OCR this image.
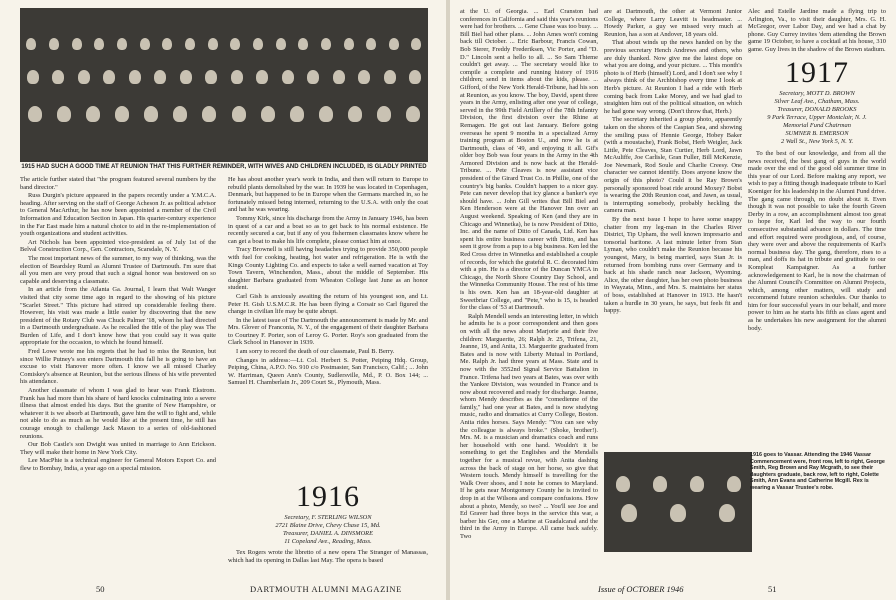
1915 HAD SUCH A GOOD TIME AT REUNION THAT THIS FURTHER REMINDER, WITH WIVES AND CHILDREN INCLUDED, IS GLADLY PRINTED

The article further stated that "the program featured several numbers by the band director."

Russ Durgin's picture appeared in the papers recently under a Y.M.C.A. heading. After serving on the staff of George Acheson Jr. as political advisor to General MacArthur, he has now been appointed a member of the Civil Information and Education Section in Japan. His quarter-century experience in the Far East made him a natural choice to aid in the re-implementation of youth organizations and student activities.

Art Nichols has been appointed vice-president as of July 1st of the Belval Construction Corp., Gen. Contractors, Scarsdale, N. Y.

The most important news of the summer, to my way of thinking, was the election of Beardsley Ruml as Alumni Trustee of Dartmouth. I'm sure that all you men are very proud that such a signal honor was bestowed on so capable and deserving a classmate.

In an article from the Atlanta Ga. Journal, I learn that Walt Wanger visited that city some time ago in regard to the showing of his picture "Scarlet Street." This picture had stirred up considerable feeling there. However, his visit was made a little easier by discovering that the new president of the Rotary Club was Chuck Palmer '18, whom he had directed in a Dartmouth undergraduate. As he recalled the title of the play was The Burden of Life, and I don't know how that you could say it was quite appropriate for the occasion, to which he found himself.

Fred Lowe wrote me his regrets that he had to miss the Reunion, but since Willie Putney's son enters Dartmouth this fall he is going to have an excuse to visit Hanover more often. I know we all missed Charley Comiskey's absence at Reunion, but the serious illness of his wife prevented his attendance.

Another classmate of whom I was glad to hear was Frank Ekstrom. Frank has had more than his share of hard knocks culminating into a severe illness that almost ended his days. But the granite of New Hampshire, or whatever it is we absorb at Dartmouth, gave him the will to fight and, while not able to do as much as he would like at the present time, he still has courage enough to challenge Jack Mason to a series of old-fashioned reunions.

Our Bob Castle's son Dwight was united in marriage to Ann Erickson. They will make their home in New York City.

Lee MacPhie is a technical engineer for General Motors Export Co. and flew to Bombay, India, a year ago on a special mission.

He has about another year's work in India, and then will return to Europe to rebuild plants demolished by the war. In 1939 he was located in Copenhagen, Denmark, but happened to be in Europe when the Germans marched in, so he fortunately missed being interned, returning to the U.S.A. with only the coat and hat he was wearing.

Tommy Kirk, since his discharge from the Army in January 1946, has been in quest of a car and a boat so as to get back to his normal existence. He recently secured a car, but if any of you fishermen classmates know where he can get a boat to make his life complete, please contact him at once.

Tracy Brownell is still having headaches trying to provide 350,000 people with fuel for cooking, heating, hot water and refrigeration. He is with the Kings County Lighting Co. and expects to take a well earned vacation at Toy Town Tavern, Winchendon, Mass., about the middle of September. His daughter Barbara graduated from Wheaton College last June as an honor student.

Carl Gish is anxiously awaiting the return of his youngest son, and Lt. Peter H. Gish U.S.M.C.R. He has been flying a Corsair so Carl figured the change in civilian life may be quite abrupt.

In the latest issue of The Dartmouth the announcement is made by Mr. and Mrs. Glover of Franconia, N. Y., of the engagement of their daughter Barbara to Courtney F. Porter, son of Leroy G. Porter. Roy's son graduated from the Clark School in Hanover in 1939.

I am sorry to record the death of our classmate, Paul B. Berry.

Changes in address:—Lt. Col. Herbert S. Potter, Peiping Hdq. Group, Peiping, China, A.P.O. No. 910 c/o Postmaster, San Francisco, Calif.; ... John W. Harriman, Queen Ann's County, Sudlersville, Md., P. O. Box 144; ... Samuel H. Chamberlain Jr., 209 Court St., Plymouth, Mass.

1916
Secretary, F. STERLING WILSON
2721 Blaine Drive, Chevy Chase 15, Md.
Treasurer, DANIEL A. DINSMORE
11 Copeland Ave., Reading, Mass.

Tex Rogers wrote the libretto of a new opera The Stranger of Manassas, which had its opening in Dallas last May. The opera is based

50	DARTMOUTH ALUMNI MAGAZINE

at the U. of Georgia. ... Earl Cranston had conferences in California and said this year's reunions were had for brothers. ... Gene Chase was too busy. ... Bill Biel had other plans. ... John Ames won't coming back till October. ... Eric Barbour, Francis Cowan, Bob Sterer, Freddy Frederiksen, Vic Porter, and "D. D." Lincoln sent a hello to all. ... So Sam Thieme couldn't get away. ... The secretary would like to compile a complete and running history of 1916 children; send in items about the kids, please. ... Gifford, of the New York Herald-Tribune, had his son at Reunion, as you know. The boy, David, spent three years in the Army, enlisting after one year of college, served in the 99th Field Artillery of the 78th Infantry Division, the first division over the Rhine at Remagen. He got out last January. Before going overseas he spent 9 months in a specialized Army training program at Boston U., and now he is at Dartmouth, class of '49, and enjoying it all. Gif's older boy Bob was four years in the Army in the 4th Armored Division and is now back at the Herald-Tribune. ... Pete Cleaves is now assistant vice president of the Girard Trust Co. in Phillie, one of the country's big banks. Couldn't happen to a nicer guy. Pete can never develop that icy glance a banker's eye should have. ... John Gill writes that Bill Biel and Ken Henderson were at the Hanover Inn over an August weekend. Speaking of Ken (and they are in Chicago and Winnetka), he is now President of Ditto, Inc. and the name of Ditto of Canada, Ltd. Ken has spent his entire business career with Ditto, and has seen it grow from a pup to a big business. Ken led the Red Cross drive in Winnetka and established a couple of records, for which the grateful R. C. decorated him with a pin. He is a director of the Duncan YMCA in Chicago, the North Shore Country Day School, and the Winnetka Community House. The rest of his time is his own. Ken has an 18-year-old daughter at Sweetbriar College, and "Pete," who is 15, is headed for the class of '53 at Dartmouth.

Ralph Mendell sends an interesting letter, in which he admits he is a poor correspondent and then goes on with all the news about Marjorie and their five children: Marguerite, 26; Ralph Jr. 25, Trifena, 21, Jeanne, 19, and Anita, 13. Marguerite graduated from Bates and is now with Liberty Mutual in Portland, Me. Ralph Jr. had three years at Mass. State and is now with the 3552nd Signal Service Battalion in France. Trifena had two years at Bates, was over with the Yankee Division, was wounded in France and is now about recovered and ready for discharge. Jeanne, whom Mendy describes as the "comedienne of the family," had one year at Bates, and is now studying music, radio and dramatics at Curry College, Boston. Anita rides horses. Says Mendy: "You can see why the colleague is always broke." (Shoke, brother!). Mrs. M. is a musician and dramatics coach and runs her household with one hand. Wouldn't it be something to get the Englishes and the Mendalls together for a musical revue, with Anita dashing across the back of stage on her horse, so give that Western touch. Mendy himself is travelling for the Walk Over shoes, and I note he comes to Maryland. If he gets near Montgomery County he is invited to drop in at the Wilsons and compare confusions. How about a photo, Mendy, so two? ... You'll see Joe and Ed Graver had three boys in the service this war, a barber his Ger, one a Marine at Guadalcanal and the third in the Army in Europe. All came back safely. Two

are at Dartmouth, the other at Vermont Junior College, where Larry Leavitt is headmaster. ... Howdy Parker, a guy we missed very much at Reunion, has a son at Andover, 18 years old.

That about winds up the news handed on by the previous secretary Hench Andrews and others, who are duly thanked. Now give me the latest dope on what you are doing, and your picture. ... This month's photo is of Herb (himself) Lord, and I don't see why I always think of the Archbishop every time I look at Herb's picture. At Reunion I had a ride with Herb coming back from Lake Morey, and we had glad to straighten him out of the political situation, on which he had gone way wrong. (Don't throw that, Herb.)

The secretary inherited a group photo, apparently taken on the shores of the Caspian Sea, and showing the smiling puss of Hennie George, Hobey Baker (with a moustache), Frank Bobst, Herb Weigler, Jack Little, Pete Cleaves, Stan Curtier, Herb Lord, Jawn McAuliffe, Joe Carlisle, Gran Fuller, Bill McKenzie, Joe Newmark, Rod Soule and Charlie Creesy. One character we cannot identify. Does anyone know the origin of this photo? Could it be Ray Brown's personally sponsored boat ride around Moxey? Bobst is wearing the 20th Reunion coat, and Jawn, as usual, is interrupting somebody, probably heckling the camera man.

By the next issue I hope to have some snappy chatter from my leg-man in the Charles River District, Tip Upham, the well known impresario and tonsorial baritone. A last minute letter from Stan Lyman, who couldn't make the Reunion because his youngest, Mary, is being married, says Stan Jr. is returned from bombing runs over Germany and is back at his shade ranch near Jackson, Wyoming. Alice, the other daughter, has her own photo business in Wayzata, Minn., and Mrs. S. maintains her status of boss, established at Hanover in 1913. He hasn't taken a hurdle in 30 years, he says, but feels fit and happy.

1916 goes to Vassar. Attending the 1946 Vassar Commencement were, front row, left to right, George Smith, Reg Brown and Ray Mcgrath, to see their daughters graduate, back row, left to right, Colette Smith, Ann Evans and Catherine Mcgill. Rex is wearing a Vassar Trustee's robe.

Alec and Estelle Jardine made a flying trip to Arlington, Va., to visit their daughter, Mrs. G. H. McGregor, over Labor Day, and we had a chat by phone. Guy Currey invites 'dem attending the Brown game 19 October, to have a cocktail at his house, 310 game. Guy lives in the shadow of the Brown stadium.

1917
Secretary, MOTT D. BROWN
Silver Leaf Ave., Chatham, Mass.
Treasurer, DONALD BROOKS
9 Park Terrace, Upper Montclair, N. J.
Memorial Fund Chairman
SUMNER B. EMERSON
2 Wall St., New York 5, N. Y.

To the best of our knowledge, and from all the news received, the best gang of guys in the world made over the end of the good old summer time in this year of our Lord. Before making any report, we wish to pay a fitting though inadequate tribute to Karl Koeniger for his leadership in the Alumni Fund drive. The gang came through, no doubt about it. Even though it was not possible to take the fourth Green Derby in a row, an accomplishment almost too great to hope for, Karl led the way to our fourth consecutive substantial advance in dollars. The time and effort required were prodigious, and, of course, they were over and above the requirements of Karl's normal business day. The gang, therefore, rises to a man, and doffs its hat in tribute and gratitude to our Kompleat Kampaigner. As a further acknowledgement to Karl, he is now the chairman of the Alumni Council's Committee on Alumni Projects, which, among other matters, will study and recommend future reunion schedules. Our thanks to him for four successful years in our behalf, and more power to him as he starts his fifth as class agent and as he undertakes his new assignment for the alumni body.

Issue of OCTOBER 1946	51
